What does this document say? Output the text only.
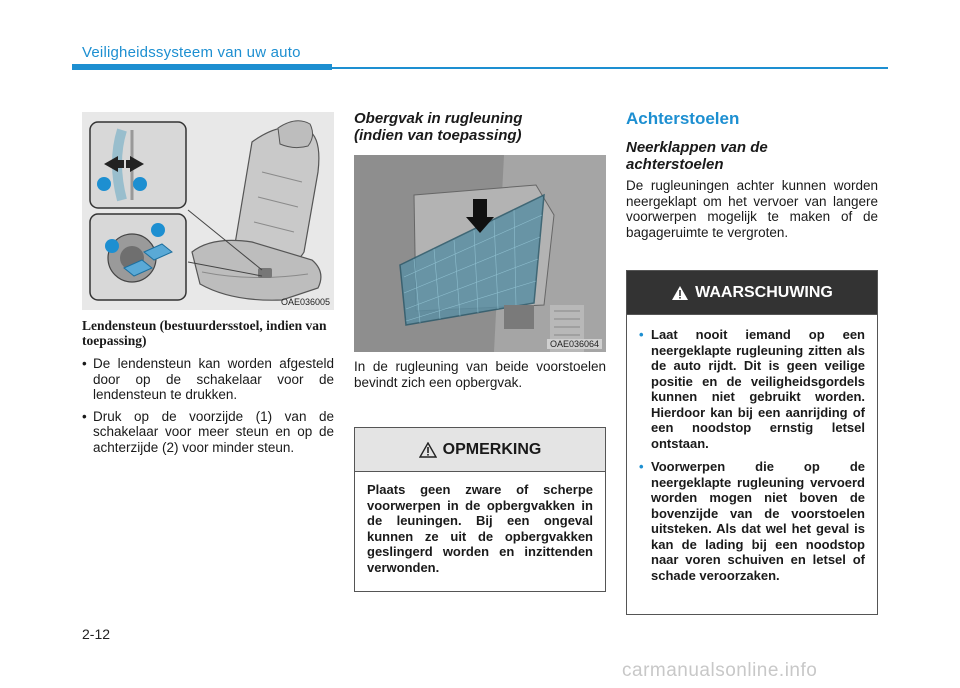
Veiligheidssysteem van uw auto
OAE036005
Lendensteun (bestuurdersstoel, indien van toepassing)
• De lendensteun kan worden afgesteld door op de schakelaar voor de lendensteun te drukken.
• Druk op de voorzijde (1) van de schakelaar voor meer steun en op de achterzijde (2) voor minder steun.
OAE036064
Obergvak in rugleuning (indien van toepassing)
In de rugleuning van beide voorstoelen bevindt zich een opbergvak.
OPMERKING
Plaats geen zware of scherpe voorwerpen in de opbergvakken in de leuningen. Bij een ongeval kunnen ze uit de opbergvakken geslingerd worden en inzittenden verwonden.
Achterstoelen
Neerklappen van de achterstoelen
De rugleuningen achter kunnen worden neergeklapt om het vervoer van langere voorwerpen mogelijk te maken of de bagageruimte te vergroten.
WAARSCHUWING
• Laat nooit iemand op een neergeklapte rugleuning zitten als de auto rijdt. Dit is geen veilige positie en de veiligheidsgordels kunnen niet gebruikt worden. Hierdoor kan bij een aanrijding of een noodstop ernstig letsel ontstaan.
• Voorwerpen die op de neergeklapte rugleuning vervoerd worden mogen niet boven de bovenzijde van de voorstoelen uitsteken. Als dat wel het geval is kan de lading bij een noodstop naar voren schuiven en letsel of schade veroorzaken.
2-12
carmanualsonline.info
